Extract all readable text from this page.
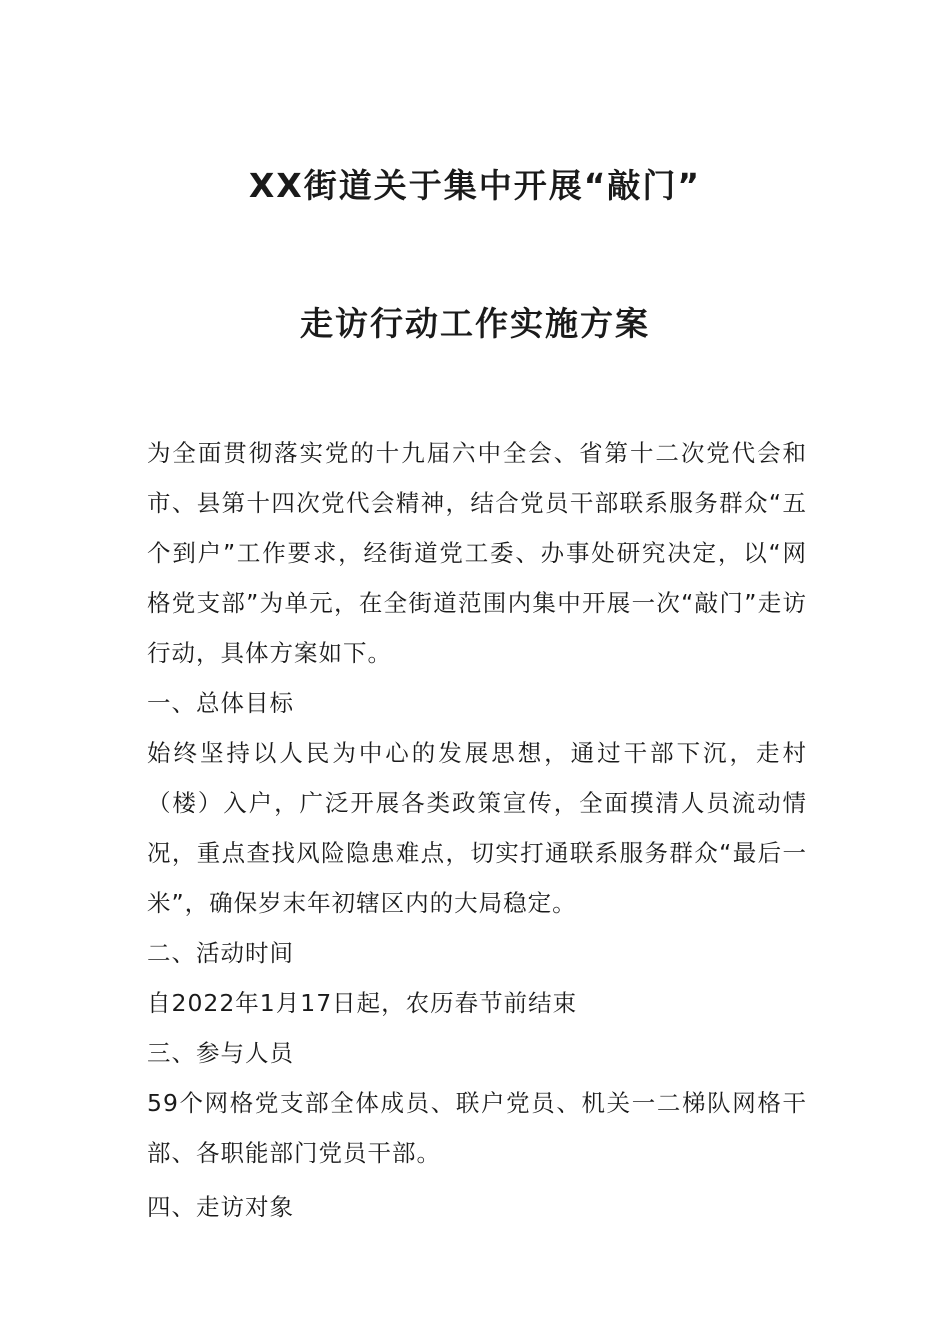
XX街道关于集中开展“敲门”
走访行动工作实施方案

为全面贯彻落实党的十九届六中全会、省第十二次党代会和市、县第十四次党代会精神，结合党员干部联系服务群众“五个到户”工作要求，经街道党工委、办事处研究决定，以“网格党支部”为单元，在全街道范围内集中开展一次“敲门”走访行动，具体方案如下。

一、总体目标

始终坚持以人民为中心的发展思想，通过干部下沉，走村（楼）入户，广泛开展各类政策宣传，全面摸清人员流动情况，重点查找风险隐患难点，切实打通联系服务群众“最后一米”，确保岁末年初辖区内的大局稳定。

二、活动时间

自2022年1月17日起，农历春节前结束

三、参与人员

59个网格党支部全体成员、联户党员、机关一二梯队网格干部、各职能部门党员干部。

四、走访对象
